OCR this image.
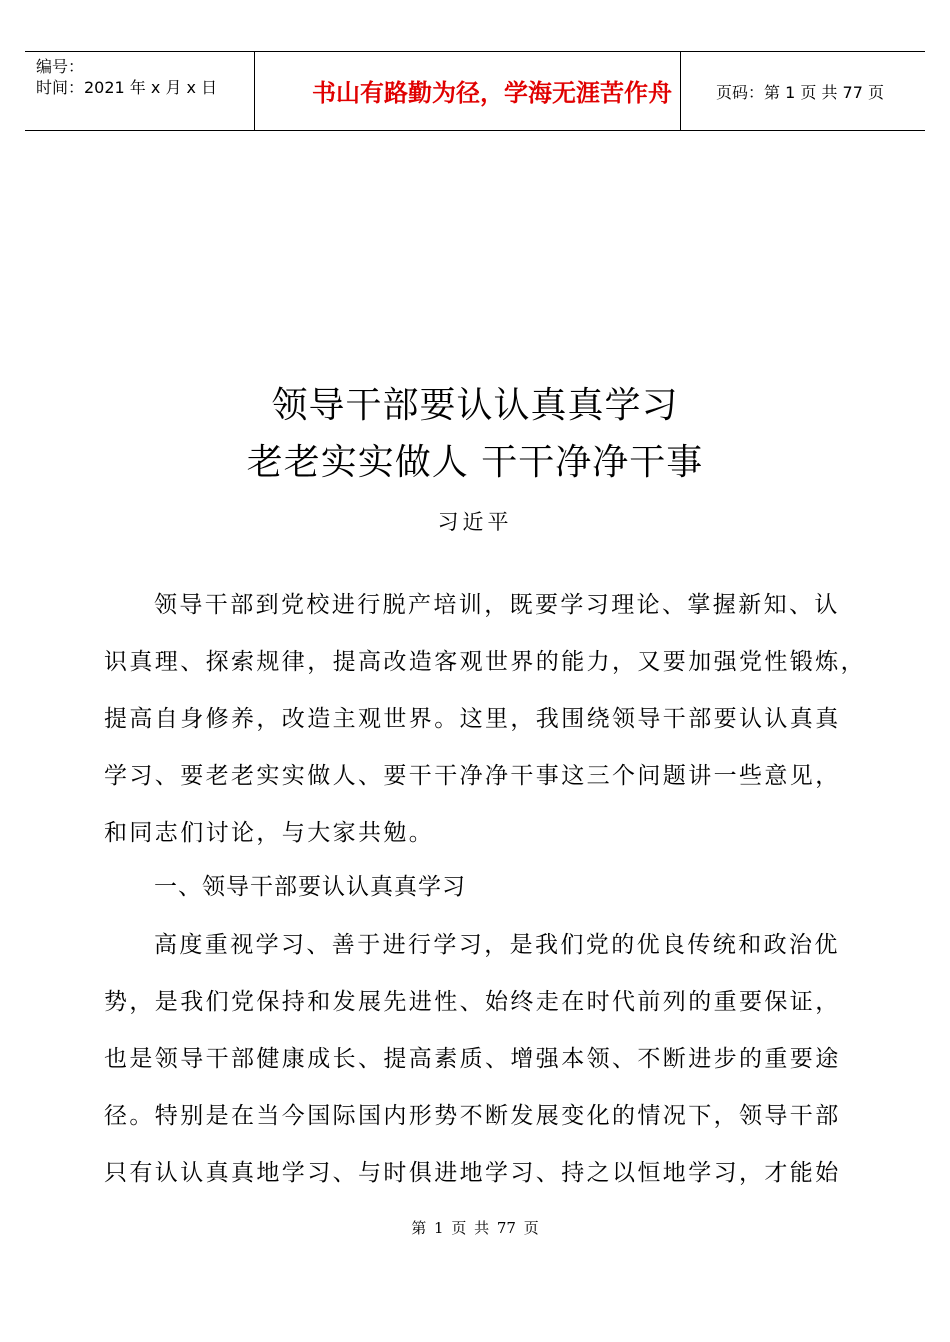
编号：
时间：2021 年 x 月 x 日	书山有路勤为径，学海无涯苦作舟	页码：第 1 页 共 77 页
领导干部要认认真真学习
老老实实做人 干干净净干事
习近平
领导干部到党校进行脱产培训，既要学习理论、掌握新知、认
识真理、探索规律，提高改造客观世界的能力，又要加强党性锻炼，
提高自身修养，改造主观世界。这里，我围绕领导干部要认认真真
学习、要老老实实做人、要干干净净干事这三个问题讲一些意见，
和同志们讨论，与大家共勉。
一、领导干部要认认真真学习
高度重视学习、善于进行学习，是我们党的优良传统和政治优
势，是我们党保持和发展先进性、始终走在时代前列的重要保证，
也是领导干部健康成长、提高素质、增强本领、不断进步的重要途
径。特别是在当今国际国内形势不断发展变化的情况下，领导干部
只有认认真真地学习、与时俱进地学习、持之以恒地学习，才能始
第 1 页 共 77 页
